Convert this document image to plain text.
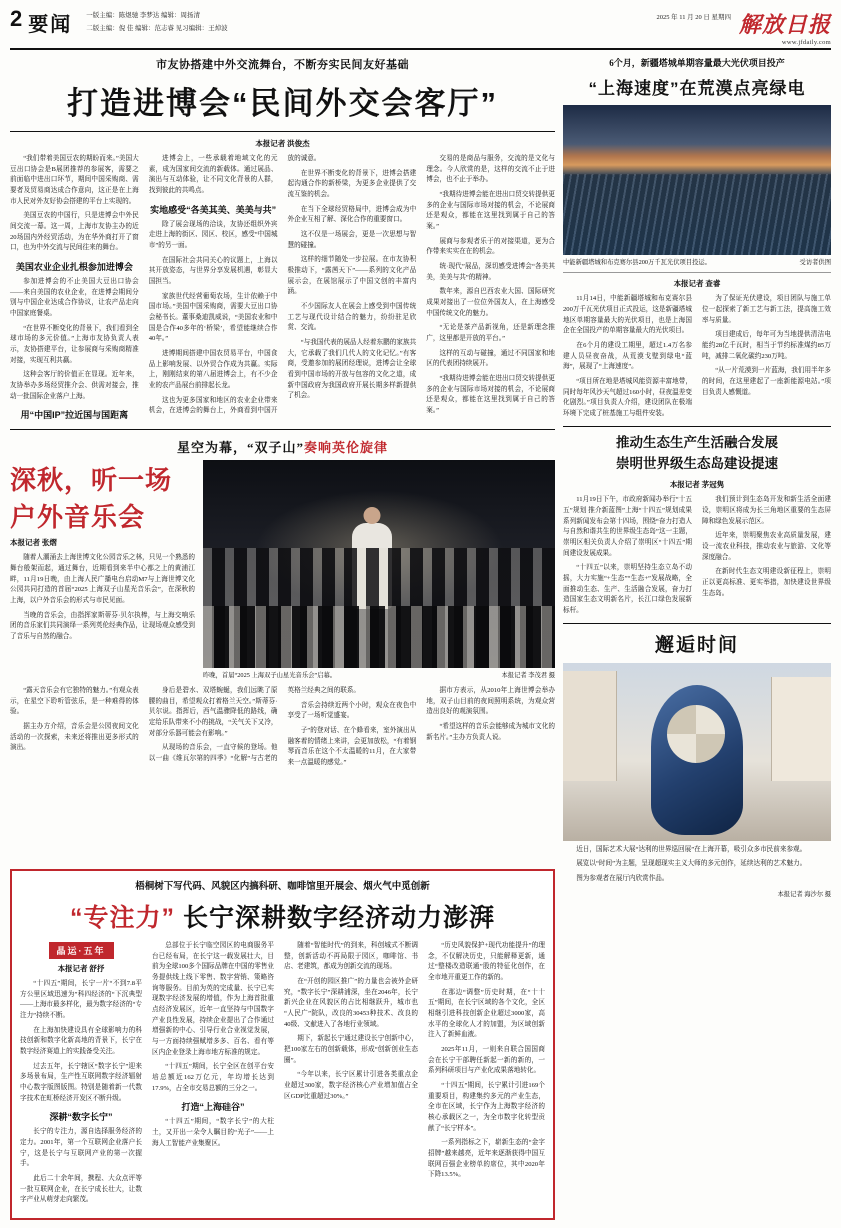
2 要闻 一版主编：陈煜驰 李梦达 编辑：周扬清
二版主编：倪 佳 编辑：范志睿 见习编辑：王焯波
2025 年 11 月 20 日 星期四 解放日报
www.jfdaily.com
市友协搭建中外交流舞台，不断夯实民间友好基础
打造进博会“民间外交会客厅”
本报记者 洪俊杰

“我们带着美国豆农的期盼而来。”美国大豆出口协会是B展团推荐的参展客，需要之前面临中进出口环节，期间中国采购商、需要者及贸易商达成合作意向，这正是在上海市人民对外友好协会搭建的平台上实现的。

美国豆农的中国行，只是进博会中外民间交流一幕。这一周，上海市友协主办的近20场国内外经贸活动，为在华外商打开了窗口，也为中外交流与民间往来的舞台。

美国农业企业扎根参加进博会

参加进博会的不止美国大豆出口协会——来自美国的农业企业，在进博会期间分别与中国企业达成合作协议，让农产品走向中国家庭餐桌。

“在世界不断变化的背景下，我们看到全球市场的多元价值。”上海市友协负责人表示，友协搭建平台，让参展商与采购商精准对接，实现互利共赢。

这种会客厅的价值正在显现。近年来，友协举办多场经贸推介会、供需对接会，推动一批国际企业落户上海。

用“中国IP”拉近国与国距离

进博会上，一些承载着地域文化的元素，成为国家间交流的新载体。通过展品、演出与互动体验，让不同文化背景的人群，找到彼此的共鸣点。

实地感受“各美其美、美美与共”

除了展会现场的洽谈，友协还组织外宾走进上海的街区、园区、校区，感受“中国城市”的另一面。

在国际社会共同关心的议题上，上海以其开放姿态，与世界分享发展机遇，彰显大国担当。

家族世代经营葡萄农场，生计依赖于中国市场。”美国中国采购商，需要大豆出口协会秘书长。董事桑迪凯威说，“美国农业和中国是合作40多年的‘桥梁’，希望能继续合作40年。”

进博期间搭建中国农贸易平台，中国食品上影响发展、以外贸合作成为共赢。实际上，刚刚结束的第八届进博会上，有不少企业的农产品展台前排起长龙。

这也为更多国家和地区的农业企业带来机会，在进博会的舞台上，外商看到中国开放的诚意。

在世界不断变化的背景下，进博会搭建起沟通合作的新桥梁，为更多企业提供了交流互鉴的机会。

在当下全球经贸格局中，进博会成为中外企业互相了解、深化合作的重要窗口。

这不仅是一场展会，更是一次思想与智慧的碰撞。

这样的细节随处一步拉展。在市友协积极推动下，“露茜天下”——系列的文化产品展示会，在展馆展示了中国文创的丰富内涵。

不少国际友人在展会上感受到中国传统工艺与现代设计结合的魅力，纷纷驻足欣赏、交流。

“与我国代表的展品人经着东鹏的家族共大，它承载了我们几代人的文化记忆。”有客商，受邀参加的展团经理说，进博会让全球看到中国市场的开放与包容的文化之道，成新中国政府为我国政府开展长期多样新提供了机会。

交易的是商品与服务，交流的是文化与理念。今人欣赏的是，这样的交流不止于进博会，也不止于举办。

“我期待进博会能在进出口贸交转提供更多的企业与国际市场对接的机会，不论展商还是观众，都能在这里找到属于自己的答案。”

展商与参观者乐于的对接渠道，更为合作带来实实在在的机会。

统·现代”展品，深切感受进博会“各美其美，美美与共”的精神。

数年来，源自巴西农业大国、国际研究成果对接出了一位位外国友人，在上海感受中国传统文化的魅力。

“无论是茶产品新视角，还是新理念推广，这里都是开放的平台。”

这样的互动与碰撞，通过不同国家和地区的代表团持续展开。

“我期待进博会能在进出口贸交转提供更多的企业与国际市场对接的机会，不论展商还是观众，都能在这里找到属于自己的答案。”

星空为幕，“双子山”奏响英伦旋律
深秋，听一场户外音乐会
本报记者 张熠

随着人潮涌去上海世博文化公园音乐之林，只见一个熟悉的舞台般架而起，通过舞台，近期看到来半中心都之上的黄浦江畔，11月19日晚，由上海人民广播电台启动M7与上海世博文化公园共同打造的首届“2025 上海双子山星光音乐会”，在深秋的上海，以户外音乐会的形式与市民见面。

当晚的音乐会，由指挥家斯蒂芬·贝尔执棒，与上海交响乐团的音乐家们共同演绎一系列英伦经典作品，让现场观众感受到了音乐与自然的融合。

昨晚，首届“2025 上海双子山星光音乐会”启幕。	本报记者 李茂君 摄

“露天音乐会有它独特的魅力。”有观众表示，在星空下聆听管弦乐，是一种难得的体验。

据主办方介绍，音乐会是公园夜间文化活动的一次探索，未来还将推出更多形式的演出。

身后是碧水、双塔蜿蜒，我们远眺了原腰的曲目，希望观众打着格兰天空。”斯蒂芬·贝尔说。指挥后，西气温骤降低的路线，确定给乐队带来不小的挑战，“关气关下又冷，对部分乐器可能会有影响。”

从现场的音乐会，一直守候的登场。他以一曲《维瓦尔第的四季》“化解”与古老的英格兰经典之间的联系。

音乐会持续近两个小时，观众在夜色中享受了一场听觉盛宴。

子”的登对话、在个蜂看来，室外演出从融客着的情绪上来讲，会更加放松，“有着钢琴而音乐在这个不太温暖的11月，在大家带来一点温暖的感觉。”

据市方表示，从2010年上海世博会举办地，双子山目前的夜间照明系统，为观众营造出良好的观演氛围。

“希望这样的音乐会能够成为城市文化的新名片。”主办方负责人说。

6个月，新疆塔城单期容量最大光伏项目投产
“上海速度”在荒漠点亮绿电
中能新疆塔城和布克赛尔县200万千瓦光伏项目投运。	受访者供图
本报记者 查睿

11月14日，中能新疆塔城和布克赛尔县200万千瓦光伏项目正式投运，这是新疆塔城地区单期容量最大的光伏项目，也是上海国企在全国投产的单期容量最大的光伏项目。

在6个月的建设工期里，超过1.4万名参建人员昼夜奋战，从荒漠戈壁到绿电“蓝海”，展现了“上海速度”。

“项目所在地是塔城风能资源丰富地带，同时每年风沙天气超过160小时，昼夜温差变化剧烈。”项目负责人介绍，建设团队在极端环境下完成了桩基施工与组件安装。

为了保证光伏建设，项目团队与施工单位一起探索了新工艺与新工法，提高施工效率与质量。

项目建成后，每年可为当地提供清洁电能约28亿千瓦时，相当于节约标准煤约85万吨，减排二氧化碳约230万吨。

“从一片荒漠到一片蓝海，我们用半年多的时间，在这里建起了一座新能源电站。”项目负责人感慨道。

推动生态生产生活融合发展
崇明世界级生态岛建设提速
本报记者 茅冠隽

11月19日下午，市政府新闻办举行“十五五”规划 推介新蓝图”上海“十四五”规划成果系列新闻发布会第十四场，围绕“奋力打造人与自然和谐共生的世界级生态岛”这一主题，崇明区相关负责人介绍了崇明区“十四五”期间建设发展成果。

“十四五”以来，崇明坚持生态立岛不动摇，大力实施“+生态”“生态+”发展战略，全面推动生态、生产、生活融合发展，奋力打造国家生态文明新名片，长江口绿色发展新标杆。

我们预计到生态岛开发和新生活全面建设，崇明区将成为长三角地区重要的生态屏障和绿色发展示范区。

近年来，崇明聚焦农业高质量发展，建设一流农业科技，推动农业与旅游、文化等深度融合。

在新时代生态文明建设新征程上，崇明正以更高标准、更实举措，加快建设世界级生态岛。

邂逅时间

近日，国际艺术大展“达利的世界巡回展”在上海开幕，吸引众多市民前来参观。

展览以“时间”为主题，呈现超现实主义大师的多元创作，延续达利的艺术魅力。

图为参观者在展厅内欣赏作品。

本报记者 海沙尔 摄
梧桐树下写代码、风貌区内搞科研、咖啡馆里开展会、烟火气中觅创新
“专注力” 长宁深耕数字经济动力澎湃
晶运·五年
本报记者 舒抒

“十四五”期间，长宁一片“不到7.8平方公里区域迅速为”科四经济的“下沉典型——上海市最多样化，最为数字经济的“专注力”持续不断。

在上海加快建设具有全球影响力的科技创新和数字化新高地的背景下，长宁在数字经济赛道上的实践备受关注。

过去五年，长宁辖区“数字长宁”迎来多场景布局，生产性互联网数字经济辐射中心数字版图版图。特别是随着新一代数字技术在虹桥经济开发区不断升级。

深耕“数字长宁”

长宁的专注力，源自选择服务经济的定力。2001年，第一个互联网企业落户长宁，这是长宁与互联网产业的第一次握手。

此后二十余年间，携程、大众点评等一批互联网企业，在长宁成长壮大，让数字产业从萌芽走向繁茂。

总部位于长宁临空园区的电商服务平台已经布局，在长宁这一载发展壮大，目前为全球100多个国际品牌在中国的零售业务提供线上线下零售、数字营销、策略咨询等服务。目前为英的完成量、长宁已实现数字经济发展的增值，作为上海首批重点经济发展区，近年一直坚持与中国数字产业良性发展，持续企业提出了合作通过增强新的中心、引导行业合业视觉发展，与一方面持续强赋增多多、百名、看有等区内企业登录上海市地方标准的规定。

“十四五”期间，长宁全区在创平台安培总额近162万亿元，年均增长达到17.9%，占全市交易总额的三分之一。

打造“上海硅谷”

“十四五”期间，“数字长宁”的大柱土，又开出一朵令人瞩目的“光子”——上海人工智能产业集聚区。

随着“智能时代”的到来，科创城式不断调整，创新活动不再局限于园区，咖啡馆、书店、老建筑，都成为创新交流的现场。

在“开创的园区推广”的力量也会被外企研究，“数字长宁”深耕浦深，坐在2046年，长宁新兴企业在风貌区的占比相继跃升，城市也“人民广”院队，改良的30453种技术、改良的40级、文献进入了各地行业领域。

期下，新起长宁通过建设长宁创新中心，把100家左右的创新载体，形成“创新创业生态圈”。

“今年以来，长宁区累计引进各类重点企业超过300家，数字经济核心产业增加值占全区GDP比重超过30%。”

“历史风貌保护+现代功能提升”的理念，不仅解决历史，只能解释更新，通过“整楼改造联通”股的特征化创作，在全市地开重更工作的新的。

在那边“调整”历史时期，在“十十五”期间，在长宁区域的各个文化，全区相继引进科技创新企业超过3000家，高水平的全球化人才的加盟，为区域创新注入了新鲜血液。

2025年11月，一则来自联合国国商会在长宁干部聘任新起一新的新的，一系列科研项目与产业化成果落地转化。

“十四五”期间，长宁累计引进169个重要项目，构建集约多元的产业生态，全市在区域，长宁作为上海数字经济的核心承载区之一，为全市数字化转型贡献了“长宁样本”。

一系列指标之下，崭新生态的“金字招牌”越来越亮，近年来逐渐获得中国互联网百强企业榜单的席位，其中2020年下降13.5%。
